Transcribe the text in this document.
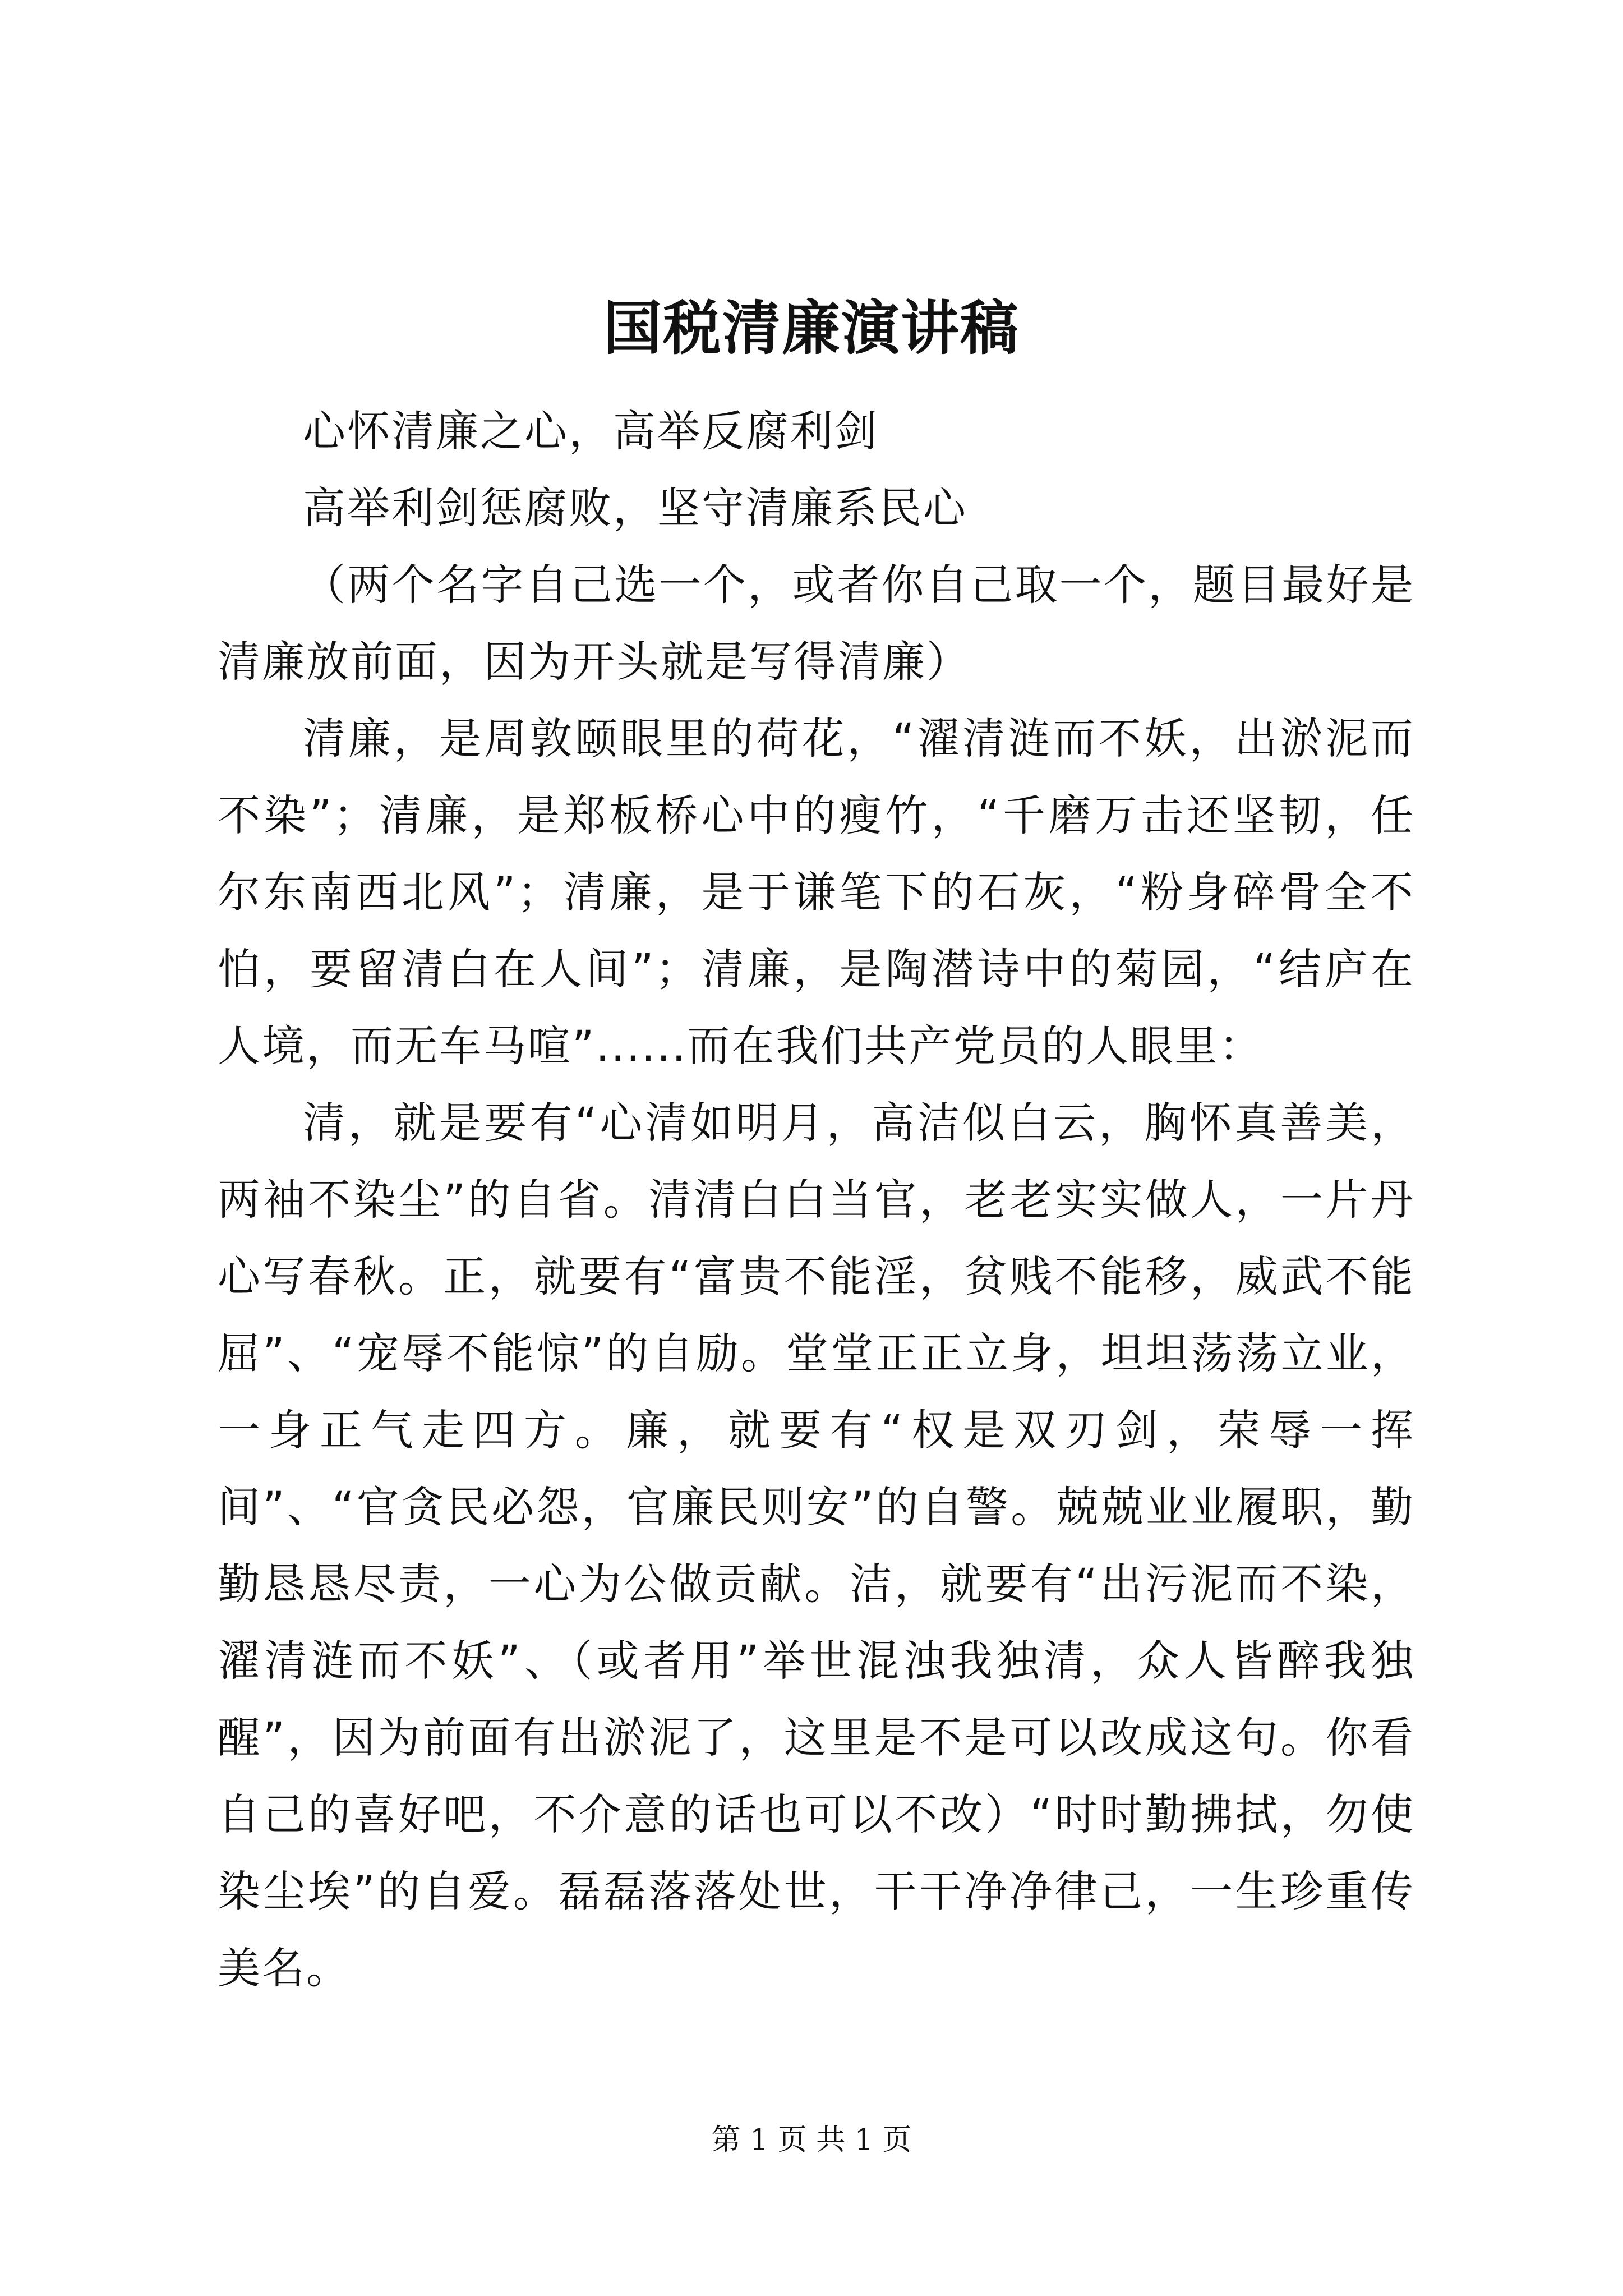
国税清廉演讲稿

心怀清廉之心，高举反腐利剑

高举利剑惩腐败，坚守清廉系民心

（两个名字自己选一个，或者你自己取一个，题目最好是清廉放前面，因为开头就是写得清廉）

清廉，是周敦颐眼里的荷花，“濯清涟而不妖，出淤泥而不染”；清廉，是郑板桥心中的瘦竹，“千磨万击还坚韧，任尔东南西北风”；清廉，是于谦笔下的石灰，“粉身碎骨全不怕，要留清白在人间”；清廉，是陶潜诗中的菊园，“结庐在人境，而无车马喧”......而在我们共产党员的人眼里：

清，就是要有“心清如明月，高洁似白云，胸怀真善美，两袖不染尘”的自省。清清白白当官，老老实实做人，一片丹心写春秋。正，就要有“富贵不能淫，贫贱不能移，威武不能屈”、“宠辱不能惊”的自励。堂堂正正立身，坦坦荡荡立业，一身正气走四方。廉，就要有“权是双刃剑，荣辱一挥间”、“官贪民必怨，官廉民则安”的自警。兢兢业业履职，勤勤恳恳尽责，一心为公做贡献。洁，就要有“出污泥而不染，濯清涟而不妖”、（或者用”举世混浊我独清，众人皆醉我独醒”，因为前面有出淤泥了，这里是不是可以改成这句。你看自己的喜好吧，不介意的话也可以不改）“时时勤拂拭，勿使染尘埃”的自爱。磊磊落落处世，干干净净律己，一生珍重传美名。

第 1 页 共 1 页
